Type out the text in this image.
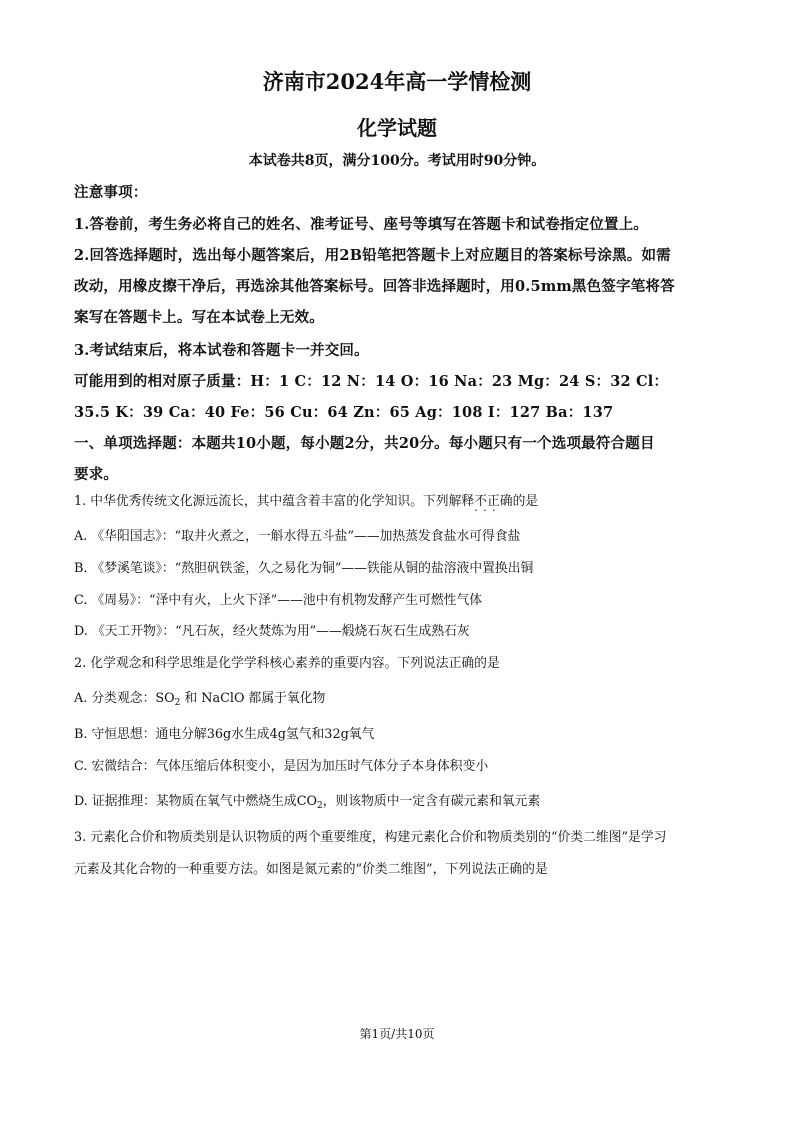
济南市2024年高一学情检测
化学试题
本试卷共8页，满分100分。考试用时90分钟。
注意事项：
1.答卷前，考生务必将自己的姓名、准考证号、座号等填写在答题卡和试卷指定位置上。
2.回答选择题时，选出每小题答案后，用2B铅笔把答题卡上对应题目的答案标号涂黑。如需
改动，用橡皮擦干净后，再选涂其他答案标号。回答非选择题时，用0.5mm黑色签字笔将答
案写在答题卡上。写在本试卷上无效。
3.考试结束后，将本试卷和答题卡一并交回。
可能用到的相对原子质量：H：1 C：12 N：14 O：16 Na：23 Mg：24 S：32 Cl：
35.5 K：39 Ca：40 Fe：56 Cu：64 Zn：65 Ag：108 I：127 Ba：137
一、单项选择题：本题共10小题，每小题2分，共20分。每小题只有一个选项最符合题目
要求。
1. 中华优秀传统文化源远流长，其中蕴含着丰富的化学知识。下列解释不正确 · · ·的是
A. 《华阳国志》：“取井火煮之，一斛水得五斗盐”——加热蒸发食盐水可得食盐
B. 《梦溪笔谈》：“熬胆矾铁釜，久之易化为铜”——铁能从铜的盐溶液中置换出铜
C. 《周易》：“泽中有火，上火下泽”——池中有机物发酵产生可燃性气体
D. 《天工开物》：“凡石灰，经火焚炼为用”——煅烧石灰石生成熟石灰
2. 化学观念和科学思维是化学学科核心素养的重要内容。下列说法正确的是
A. 分类观念：$SO_2$ 和 NaClO 都属于氧化物
B. 守恒思想：通电分解36g水生成4g氢气和32g氧气
C. 宏微结合：气体压缩后体积变小，是因为加压时气体分子本身体积变小
D. 证据推理：某物质在氧气中燃烧生成$CO_2$，则该物质中一定含有碳元素和氧元素
3. 元素化合价和物质类别是认识物质的两个重要维度，构建元素化合价和物质类别的“价类二维图”是学习
元素及其化合物的一种重要方法。如图是氮元素的“价类二维图”，下列说法正确的是
第1页/共10页
